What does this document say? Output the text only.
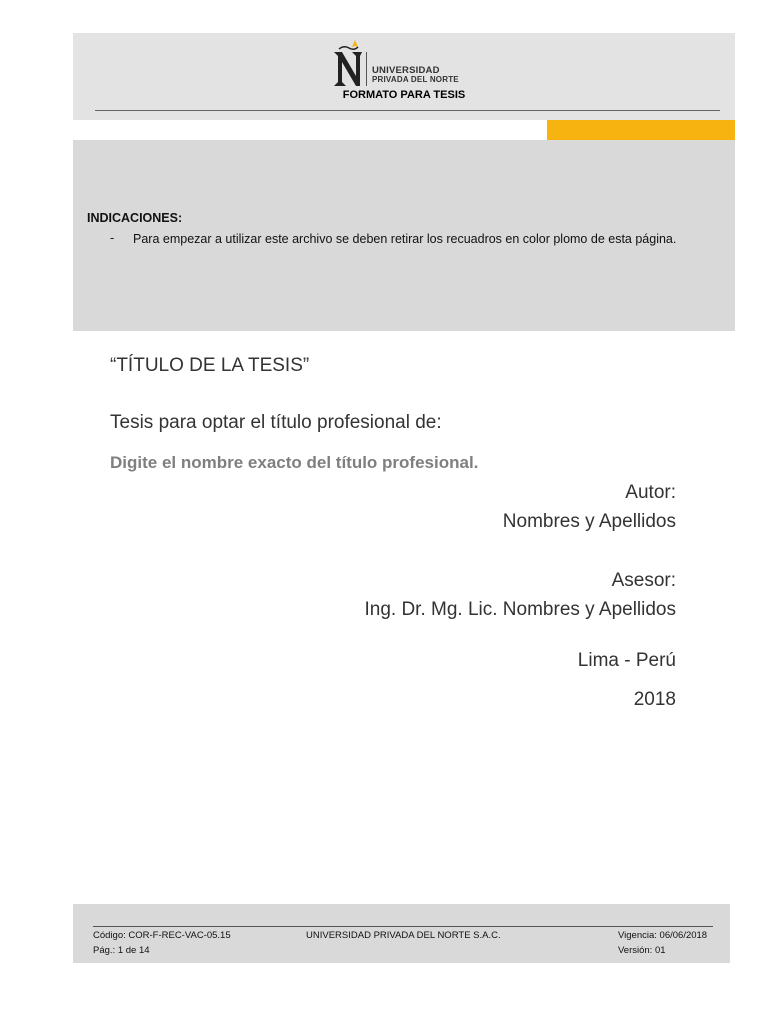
UNIVERSIDAD
PRIVADA DEL NORTE
FORMATO PARA TESIS
INDICACIONES:
- Para empezar a utilizar este archivo se deben retirar los recuadros en color plomo de esta página.
“TÍTULO DE LA TESIS”
Tesis para optar el título profesional de:
Digite el nombre exacto del título profesional.
Autor:
Nombres y Apellidos
Asesor:
Ing. Dr. Mg. Lic. Nombres y Apellidos
Lima - Perú
2018
Código: COR-F-REC-VAC-05.15
Pág.: 1 de 14
UNIVERSIDAD PRIVADA DEL NORTE S.A.C.	Vigencia: 06/06/2018
Versión: 01
